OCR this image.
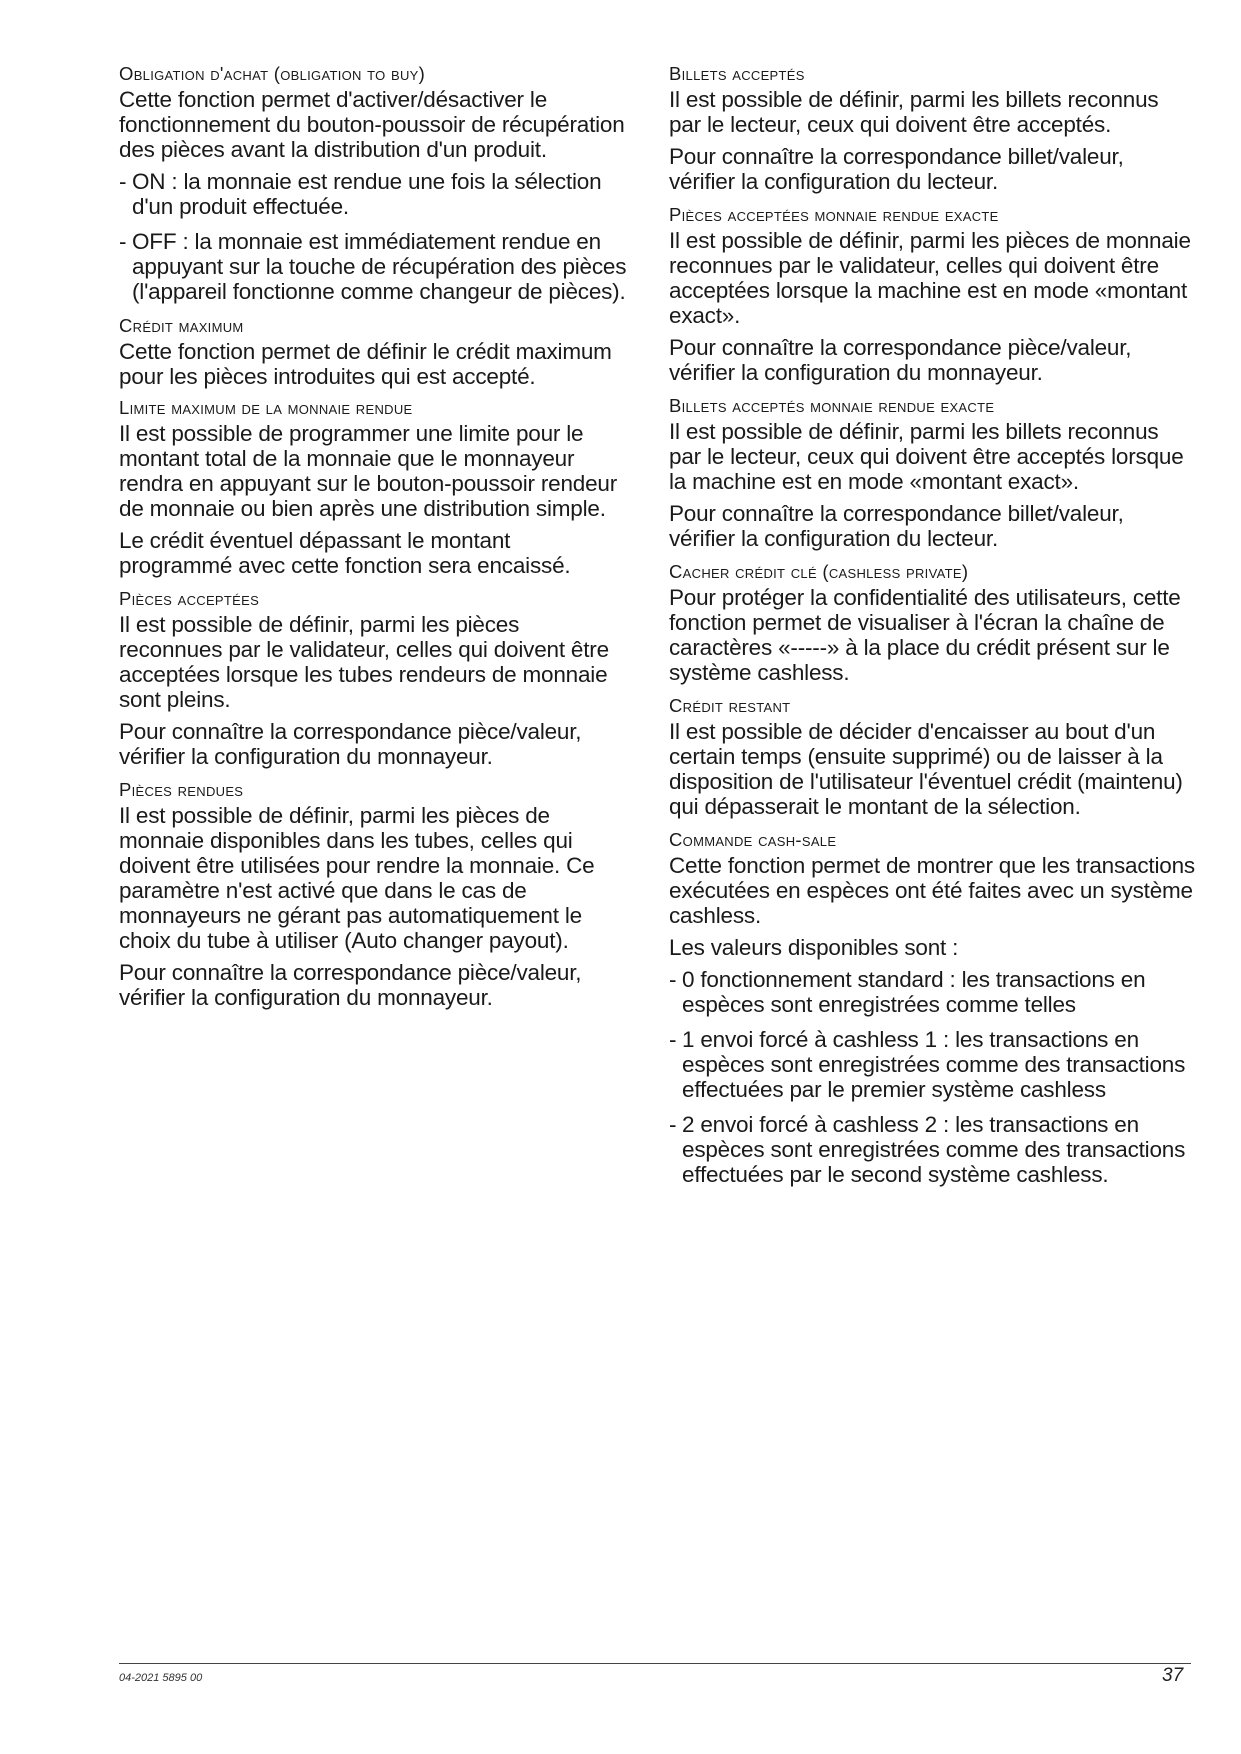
Obligation d'achat (obligation to buy)

Cette fonction permet d'activer/désactiver le fonctionnement du bouton-poussoir de récupération des pièces avant la distribution d'un produit.

- ON : la monnaie est rendue une fois la sélection d'un produit effectuée.
- OFF : la monnaie est immédiatement rendue en appuyant sur la touche de récupération des pièces (l'appareil fonctionne comme changeur de pièces).
Crédit maximum

Cette fonction permet de définir le crédit maximum pour les pièces introduites qui est accepté.

Limite maximum de la monnaie rendue

Il est possible de programmer une limite pour le montant total de la monnaie que le monnayeur rendra en appuyant sur le bouton-poussoir rendeur de monnaie ou bien après une distribution simple.

Le crédit éventuel dépassant le montant programmé avec cette fonction sera encaissé.

Pièces acceptées

Il est possible de définir, parmi les pièces reconnues par le validateur, celles qui doivent être acceptées lorsque les tubes rendeurs de monnaie sont pleins.

Pour connaître la correspondance pièce/valeur, vérifier la configuration du monnayeur.

Pièces rendues

Il est possible de définir, parmi les pièces de monnaie disponibles dans les tubes, celles qui doivent être utilisées pour rendre la monnaie. Ce paramètre n'est activé que dans le cas de monnayeurs ne gérant pas automatiquement le choix du tube à utiliser (Auto changer payout).

Pour connaître la correspondance pièce/valeur, vérifier la configuration du monnayeur.

Billets acceptés

Il est possible de définir, parmi les billets reconnus par le lecteur, ceux qui doivent être acceptés.

Pour connaître la correspondance billet/valeur, vérifier la configuration du lecteur.

Pièces acceptées monnaie rendue exacte

Il est possible de définir, parmi les pièces de monnaie reconnues par le validateur, celles qui doivent être acceptées lorsque la machine est en mode «montant exact».

Pour connaître la correspondance pièce/valeur, vérifier la configuration du monnayeur.

Billets acceptés monnaie rendue exacte

Il est possible de définir, parmi les billets reconnus par le lecteur, ceux qui doivent être acceptés lorsque la machine est en mode «montant exact».

Pour connaître la correspondance billet/valeur, vérifier la configuration du lecteur.

Cacher crédit clé (cashless private)

Pour protéger la confidentialité des utilisateurs, cette fonction permet de visualiser à l'écran la chaîne de caractères «-----» à la place du crédit présent sur le système cashless.

Crédit restant

Il est possible de décider d'encaisser au bout d'un certain temps (ensuite supprimé) ou de laisser à la disposition de l'utilisateur l'éventuel crédit (maintenu) qui dépasserait le montant de la sélection.

Commande cash-sale

Cette fonction permet de montrer que les transactions exécutées en espèces ont été faites avec un système cashless.

Les valeurs disponibles sont :

- 0 fonctionnement standard : les transactions en espèces sont enregistrées comme telles
- 1 envoi forcé à cashless 1 : les transactions en espèces sont enregistrées comme des transactions effectuées par le premier système cashless
- 2 envoi forcé à cashless 2 : les transactions en espèces sont enregistrées comme des transactions effectuées par le second système cashless.
04-2021 5895 00	37
